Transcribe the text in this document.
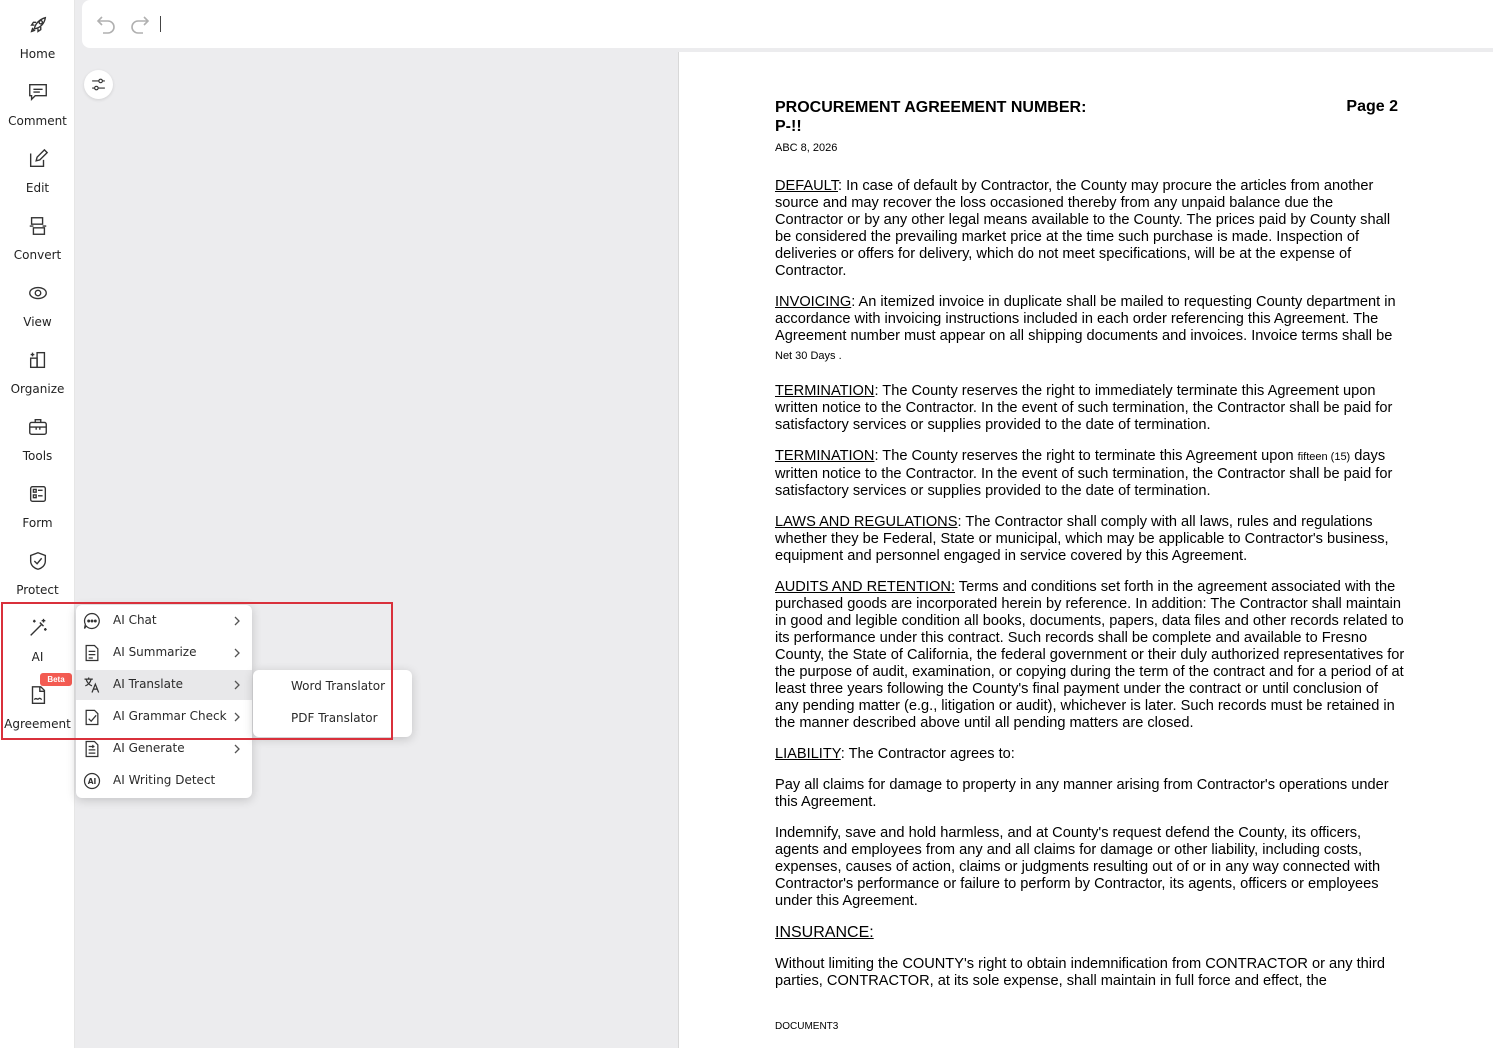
Home
Comment
Edit
Convert
View
Organize
Tools
Form
Protect
AI
Agreement
Beta
PROCUREMENT AGREEMENT NUMBER: P-!!
Page 2
ABC 8, 2026

DEFAULT: In case of default by Contractor, the County may procure the articles from another source and may recover the loss occasioned thereby from any unpaid balance due the Contractor or by any other legal means available to the County. The prices paid by County shall be considered the prevailing market price at the time such purchase is made. Inspection of deliveries or offers for delivery, which do not meet specifications, will be at the expense of Contractor.

INVOICING: An itemized invoice in duplicate shall be mailed to requesting County department in accordance with invoicing instructions included in each order referencing this Agreement. The Agreement number must appear on all shipping documents and invoices. Invoice terms shall be

Net 30 Days .

TERMINATION: The County reserves the right to immediately terminate this Agreement upon written notice to the Contractor. In the event of such termination, the Contractor shall be paid for satisfactory services or supplies provided to the date of termination.

TERMINATION: The County reserves the right to terminate this Agreement upon fifteen (15) days written notice to the Contractor. In the event of such termination, the Contractor shall be paid for satisfactory services or supplies provided to the date of termination.

LAWS AND REGULATIONS: The Contractor shall comply with all laws, rules and regulations whether they be Federal, State or municipal, which may be applicable to Contractor's business, equipment and personnel engaged in service covered by this Agreement.

AUDITS AND RETENTION: Terms and conditions set forth in the agreement associated with the purchased goods are incorporated herein by reference. In addition: The Contractor shall maintain in good and legible condition all books, documents, papers, data files and other records related to its performance under this contract. Such records shall be complete and available to Fresno County, the State of California, the federal government or their duly authorized representatives for the purpose of audit, examination, or copying during the term of the contract and for a period of at least three years following the County's final payment under the contract or until conclusion of any pending matter (e.g., litigation or audit), whichever is later. Such records must be retained in the manner described above until all pending matters are closed.

LIABILITY: The Contractor agrees to:

Pay all claims for damage to property in any manner arising from Contractor's operations under this Agreement.

Indemnify, save and hold harmless, and at County's request defend the County, its officers, agents and employees from any and all claims for damage or other liability, including costs, expenses, causes of action, claims or judgments resulting out of or in any way connected with Contractor's performance or failure to perform by Contractor, its agents, officers or employees under this Agreement.

INSURANCE:

Without limiting the COUNTY's right to obtain indemnification from CONTRACTOR or any third parties, CONTRACTOR, at its sole expense, shall maintain in full force and effect, the

DOCUMENT3
AI Chat
AI Summarize
AI Translate
AI Grammar Check
AI Generate
AI AI Writing Detect
Word Translator
PDF Translator
